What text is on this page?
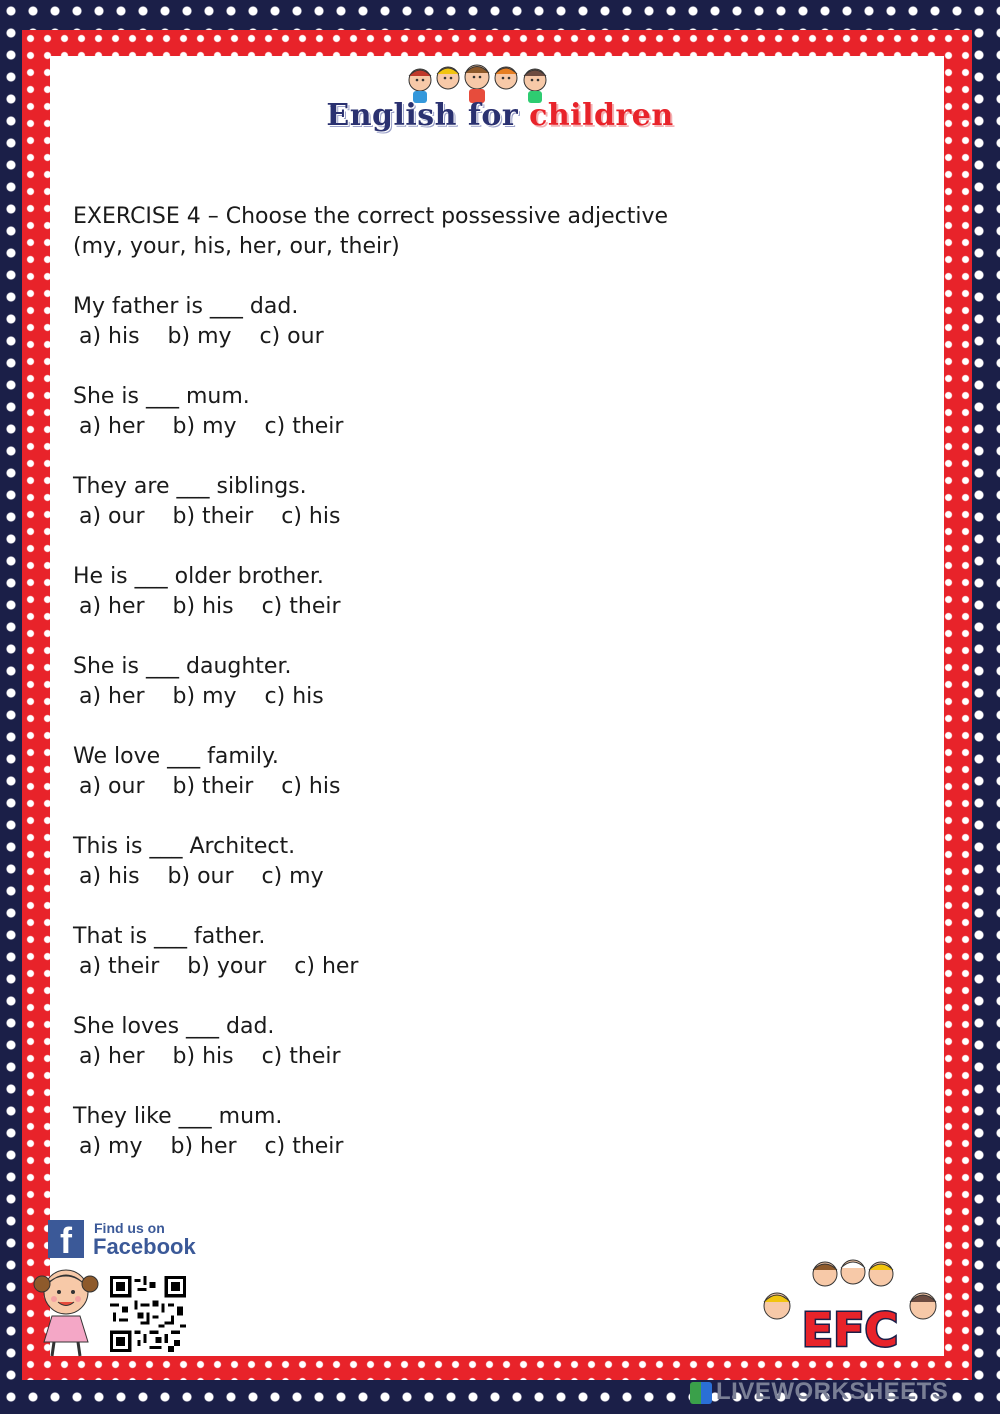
English for children

EXERCISE 4 – Choose the correct possessive adjective

(my, your, his, her, our, their)

My father is ___ dad.
a) his    b) my    c) our
She is ___ mum.
a) her    b) my    c) their
They are ___ siblings.
a) our    b) their    c) his
He is ___ older brother.
a) her    b) his    c) their
She is ___ daughter.
a) her    b) my    c) his
We love ___ family.
a) our    b) their    c) his
This is ___ Architect.
a) his    b) our    c) my
That is ___ father.
a) their    b) your    c) her
She loves ___ dad.
a) her    b) his    c) their
They like ___ mum.
a) my    b) her    c) their
f Find us on
Facebook
EFC
LIVEWORKSHEETS
